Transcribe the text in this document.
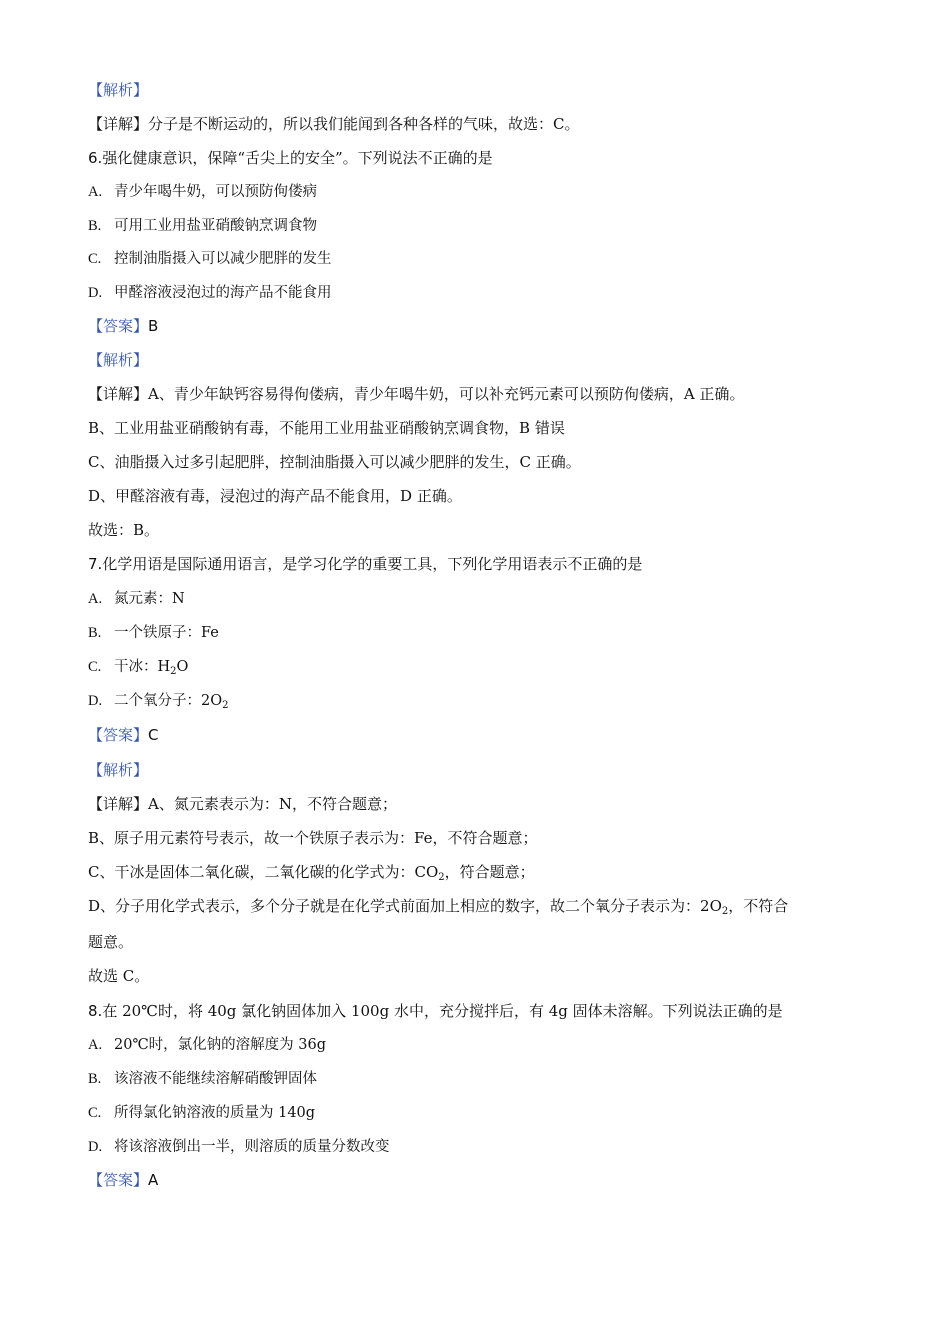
【解析】
【详解】分子是不断运动的，所以我们能闻到各种各样的气味，故选：C。
6.强化健康意识，保障“舌尖上的安全”。下列说法不正确的是
A. 青少年喝牛奶，可以预防佝偻病
B. 可用工业用盐亚硝酸钠烹调食物
C. 控制油脂摄入可以减少肥胖的发生
D. 甲醛溶液浸泡过的海产品不能食用
【答案】B
【解析】
【详解】A、青少年缺钙容易得佝偻病，青少年喝牛奶，可以补充钙元素可以预防佝偻病，A 正确。
B、工业用盐亚硝酸钠有毒，不能用工业用盐亚硝酸钠烹调食物，B 错误
C、油脂摄入过多引起肥胖，控制油脂摄入可以减少肥胖的发生，C 正确。
D、甲醛溶液有毒，浸泡过的海产品不能食用，D 正确。
故选：B。
7.化学用语是国际通用语言，是学习化学的重要工具，下列化学用语表示不正确的是
A. 氮元素：N
B. 一个铁原子：Fe
C. 干冰：$H_2O$
D. 二个氧分子：$2O_2$
【答案】C
【解析】
【详解】A、氮元素表示为：N，不符合题意；
B、原子用元素符号表示，故一个铁原子表示为：Fe，不符合题意；
C、干冰是固体二氧化碳，二氧化碳的化学式为：$CO_2$，符合题意；
D、分子用化学式表示，多个分子就是在化学式前面加上相应的数字，故二个氧分子表示为：$2O_2$，不符合
题意。
故选 C。
8.在 20℃时，将 40g 氯化钠固体加入 100g 水中，充分搅拌后，有 4g 固体未溶解。下列说法正确的是
A. 20℃时，氯化钠的溶解度为 36g
B. 该溶液不能继续溶解硝酸钾固体
C. 所得氯化钠溶液的质量为 140g
D. 将该溶液倒出一半，则溶质的质量分数改变
【答案】A
